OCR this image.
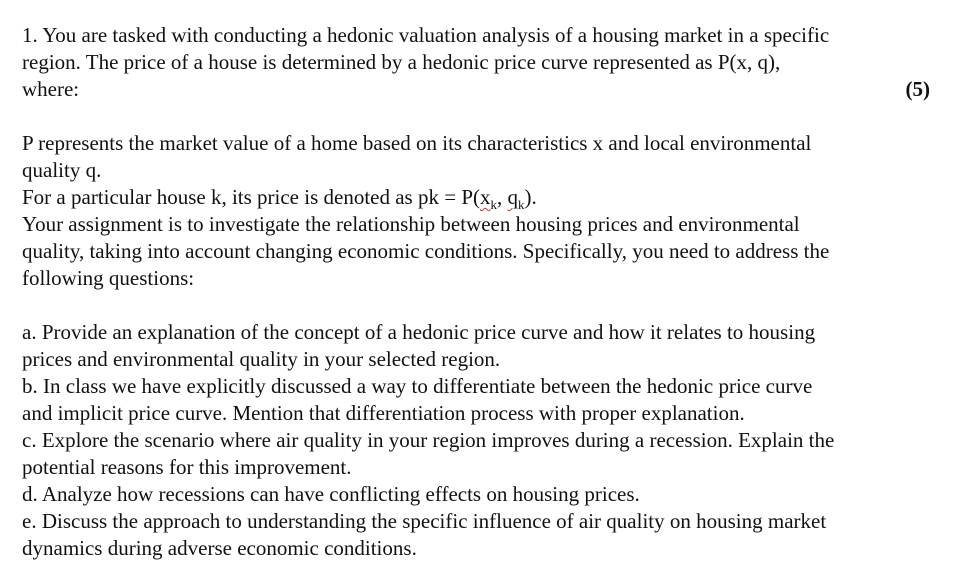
1. You are tasked with conducting a hedonic valuation analysis of a housing market in a specific
region. The price of a house is determined by a hedonic price curve represented as P(x, q),
where:	(5)
P represents the market value of a home based on its characteristics x and local environmental
quality q.
For a particular house k, its price is denoted as pk = $P(x_k$, $q_k$).
Your assignment is to investigate the relationship between housing prices and environmental
quality, taking into account changing economic conditions. Specifically, you need to address the
following questions:
a. Provide an explanation of the concept of a hedonic price curve and how it relates to housing
prices and environmental quality in your selected region.
b. In class we have explicitly discussed a way to differentiate between the hedonic price curve
and implicit price curve. Mention that differentiation process with proper explanation.
c. Explore the scenario where air quality in your region improves during a recession. Explain the
potential reasons for this improvement.
d. Analyze how recessions can have conflicting effects on housing prices.
e. Discuss the approach to understanding the specific influence of air quality on housing market
dynamics during adverse economic conditions.
